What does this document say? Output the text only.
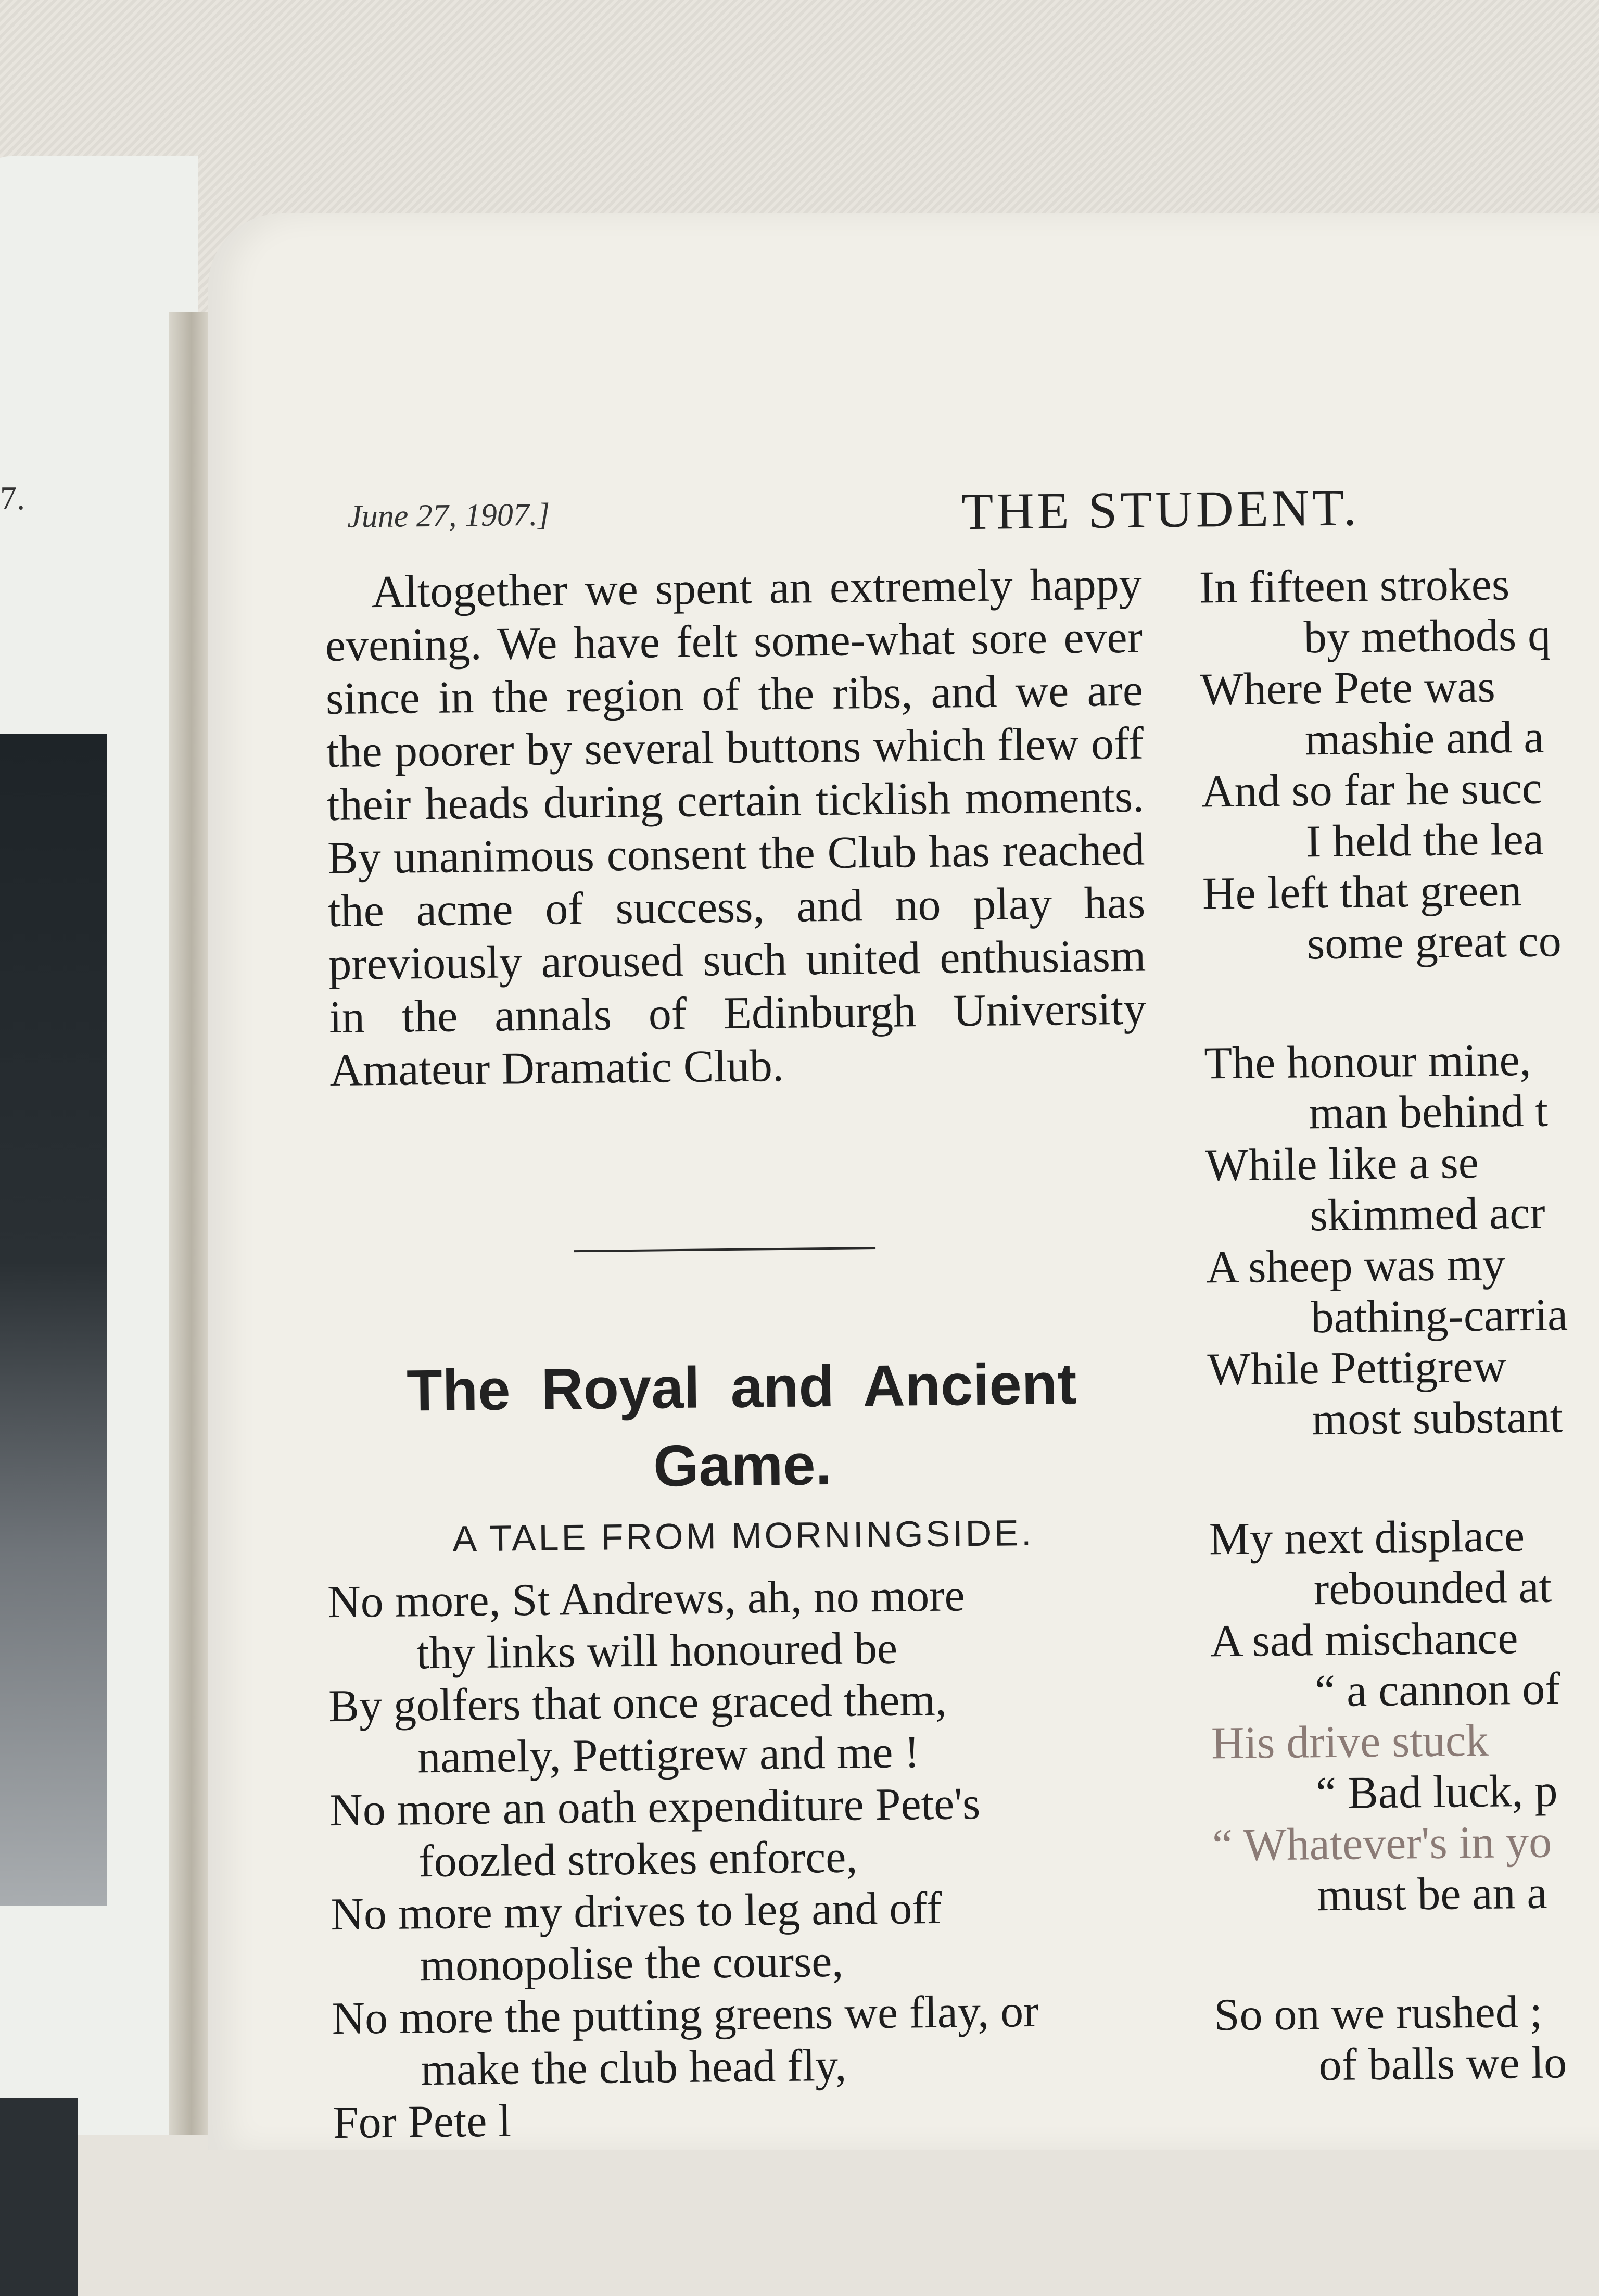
7.	June 27, 1907.]	THE STUDENT.

Altogether we spent an extremely happy evening. We have felt some-what sore ever since in the region of the ribs, and we are the poorer by several buttons which flew off their heads during certain ticklish moments. By unanimous consent the Club has reached the acme of success, and no play has previously aroused such united enthusiasm in the annals of Edinburgh University Amateur Dramatic Club.

The Royal and Ancient Game.
A TALE FROM MORNINGSIDE.
No more, St Andrews, ah, no more
thy links will honoured be
By golfers that once graced them,
namely, Pettigrew and me !
No more an oath expenditure Pete's
foozled strokes enforce,
No more my drives to leg and off
monopolise the course,
No more the putting greens we flay, or
make the club head fly,
For Pete l
In fifteen strokes
by methods q
Where Pete was
mashie and a
And so far he succ
I held the lea
He left that green
some great co
The honour mine,
man behind t
While like a se
skimmed acr
A sheep was my
bathing-carria
While Pettigrew
most substant
My next displace
rebounded at
A sad mischance
“ a cannon of
His drive stuck
“ Bad luck, p
“ Whatever's in yo
must be an a
So on we rushed ;
of balls we lo
